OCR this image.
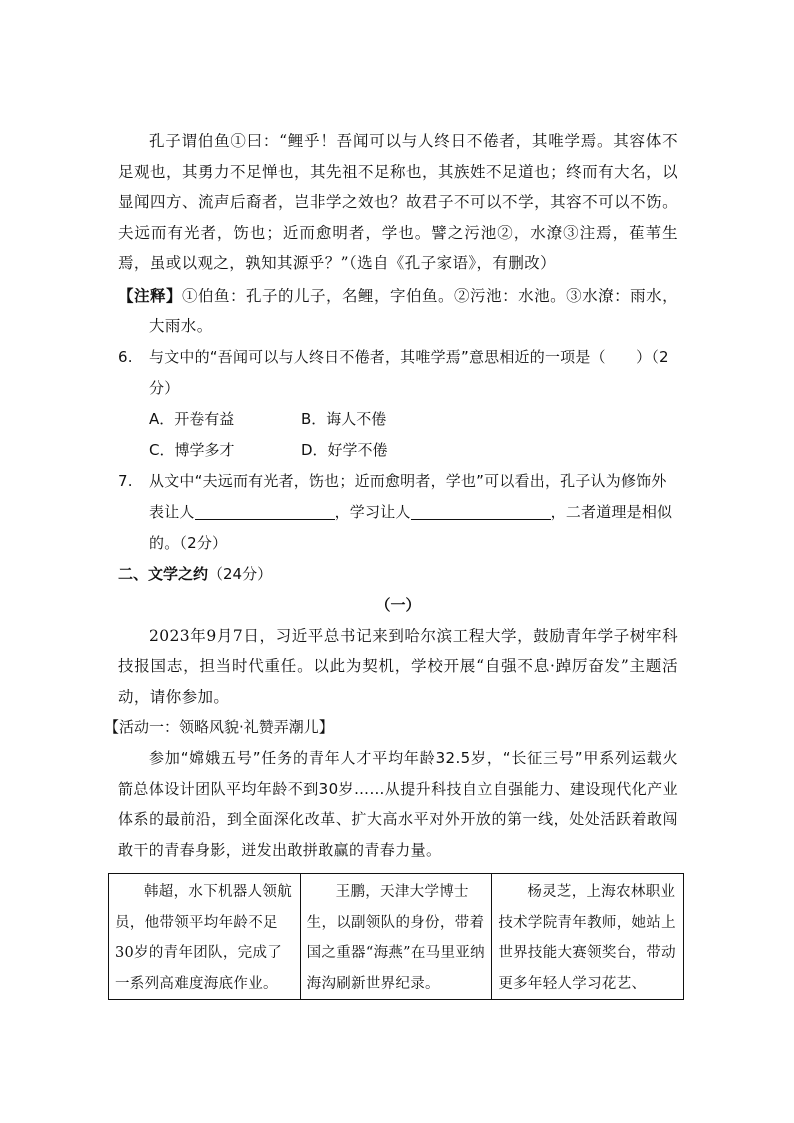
孔子谓伯鱼①曰：“鲤乎！吾闻可以与人终日不倦者，其唯学焉。其容体不足观也，其勇力不足惮也，其先祖不足称也，其族姓不足道也；终而有大名，以显闻四方、流声后裔者，岂非学之效也？故君子不可以不学，其容不可以不饬。夫远而有光者，饬也；近而愈明者，学也。譬之污池②，水潦③注焉，萑苇生焉，虽或以观之，孰知其源乎？”（选自《孔子家语》，有删改）

【注释】①伯鱼：孔子的儿子，名鲤，字伯鱼。②污池：水池。③水潦：雨水，大雨水。

6. 与文中的“吾闻可以与人终日不倦者，其唯学焉”意思相近的一项是（　　）（2分）

A．开卷有益	B．诲人不倦
C．博学多才	D．好学不倦

7. 从文中“夫远而有光者，饬也；近而愈明者，学也”可以看出，孔子认为修饰外表让人	，学习让人	，二者道理是相似的。（2分）

二、文学之约（24分）

（一）

2023年9月7日，习近平总书记来到哈尔滨工程大学，鼓励青年学子树牢科技报国志，担当时代重任。以此为契机，学校开展“自强不息·踔厉奋发”主题活动，请你参加。

【活动一：领略风貌·礼赞弄潮儿】

参加“嫦娥五号”任务的青年人才平均年龄32.5岁，“长征三号”甲系列运载火箭总体设计团队平均年龄不到30岁……从提升科技自立自强能力、建设现代化产业体系的最前沿，到全面深化改革、扩大高水平对外开放的第一线，处处活跃着敢闯敢干的青春身影，迸发出敢拼敢赢的青春力量。

韩超，水下机器人领航员，他带领平均年龄不足30岁的青年团队，完成了一系列高难度海底作业。	王鹏，天津大学博士生，以副领队的身份，带着国之重器“海燕”在马里亚纳海沟刷新世界纪录。	杨灵芝，上海农林职业技术学院青年教师，她站上世界技能大赛领奖台，带动更多年轻人学习花艺、
